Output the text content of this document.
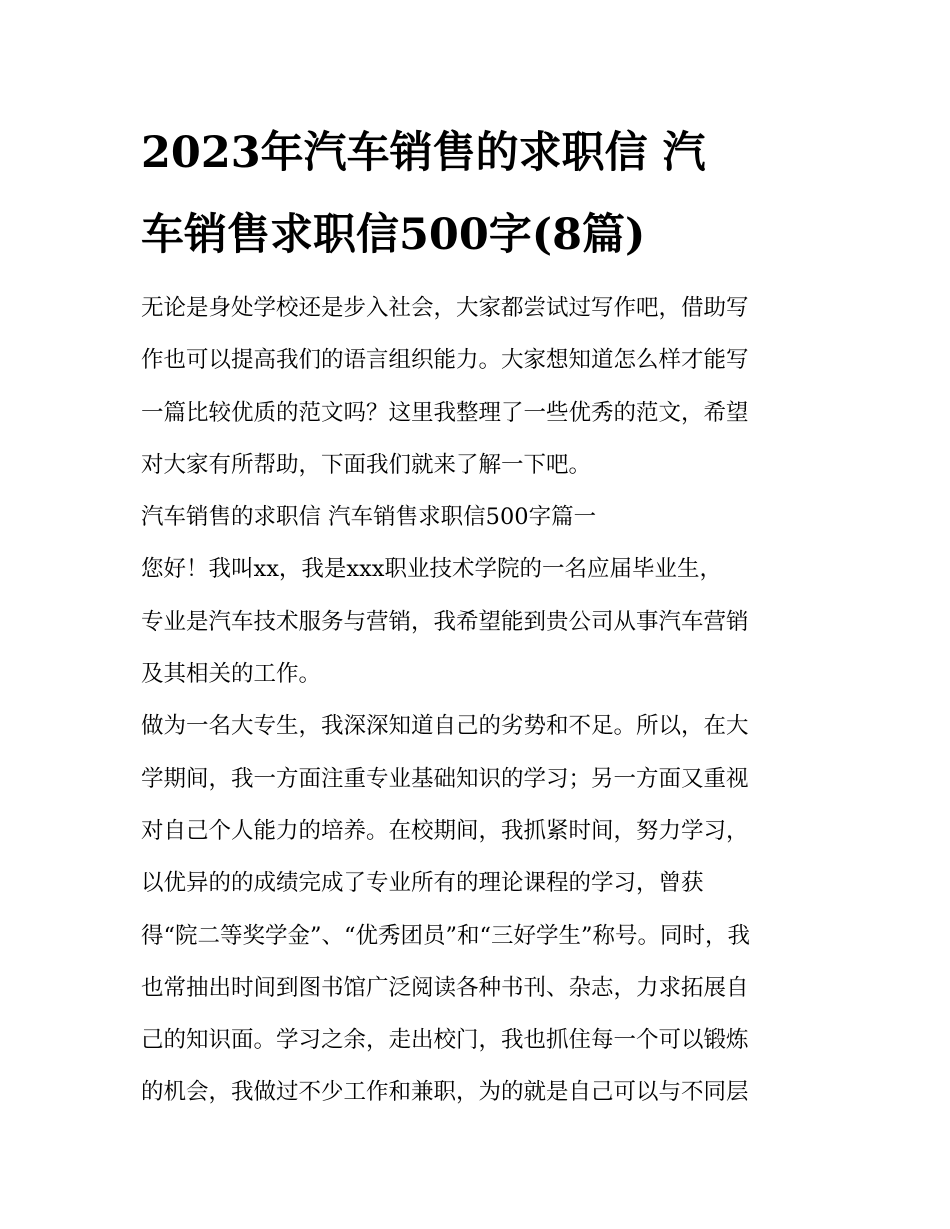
2023年汽车销售的求职信 汽
车销售求职信500字(8篇)

无论是身处学校还是步入社会，大家都尝试过写作吧，借助写
作也可以提高我们的语言组织能力。大家想知道怎么样才能写
一篇比较优质的范文吗？这里我整理了一些优秀的范文，希望
对大家有所帮助，下面我们就来了解一下吧。

汽车销售的求职信 汽车销售求职信500字篇一

您好！我叫xx，我是xxx职业技术学院的一名应届毕业生，
专业是汽车技术服务与营销，我希望能到贵公司从事汽车营销
及其相关的工作。

做为一名大专生，我深深知道自己的劣势和不足。所以，在大
学期间，我一方面注重专业基础知识的学习；另一方面又重视
对自己个人能力的培养。在校期间，我抓紧时间，努力学习，
以优异的的成绩完成了专业所有的理论课程的学习，曾获
得“院二等奖学金”、“优秀团员”和“三好学生”称号。同时，我
也常抽出时间到图书馆广泛阅读各种书刊、杂志，力求拓展自
己的知识面。学习之余，走出校门，我也抓住每一个可以锻炼
的机会，我做过不少工作和兼职，为的就是自己可以与不同层
